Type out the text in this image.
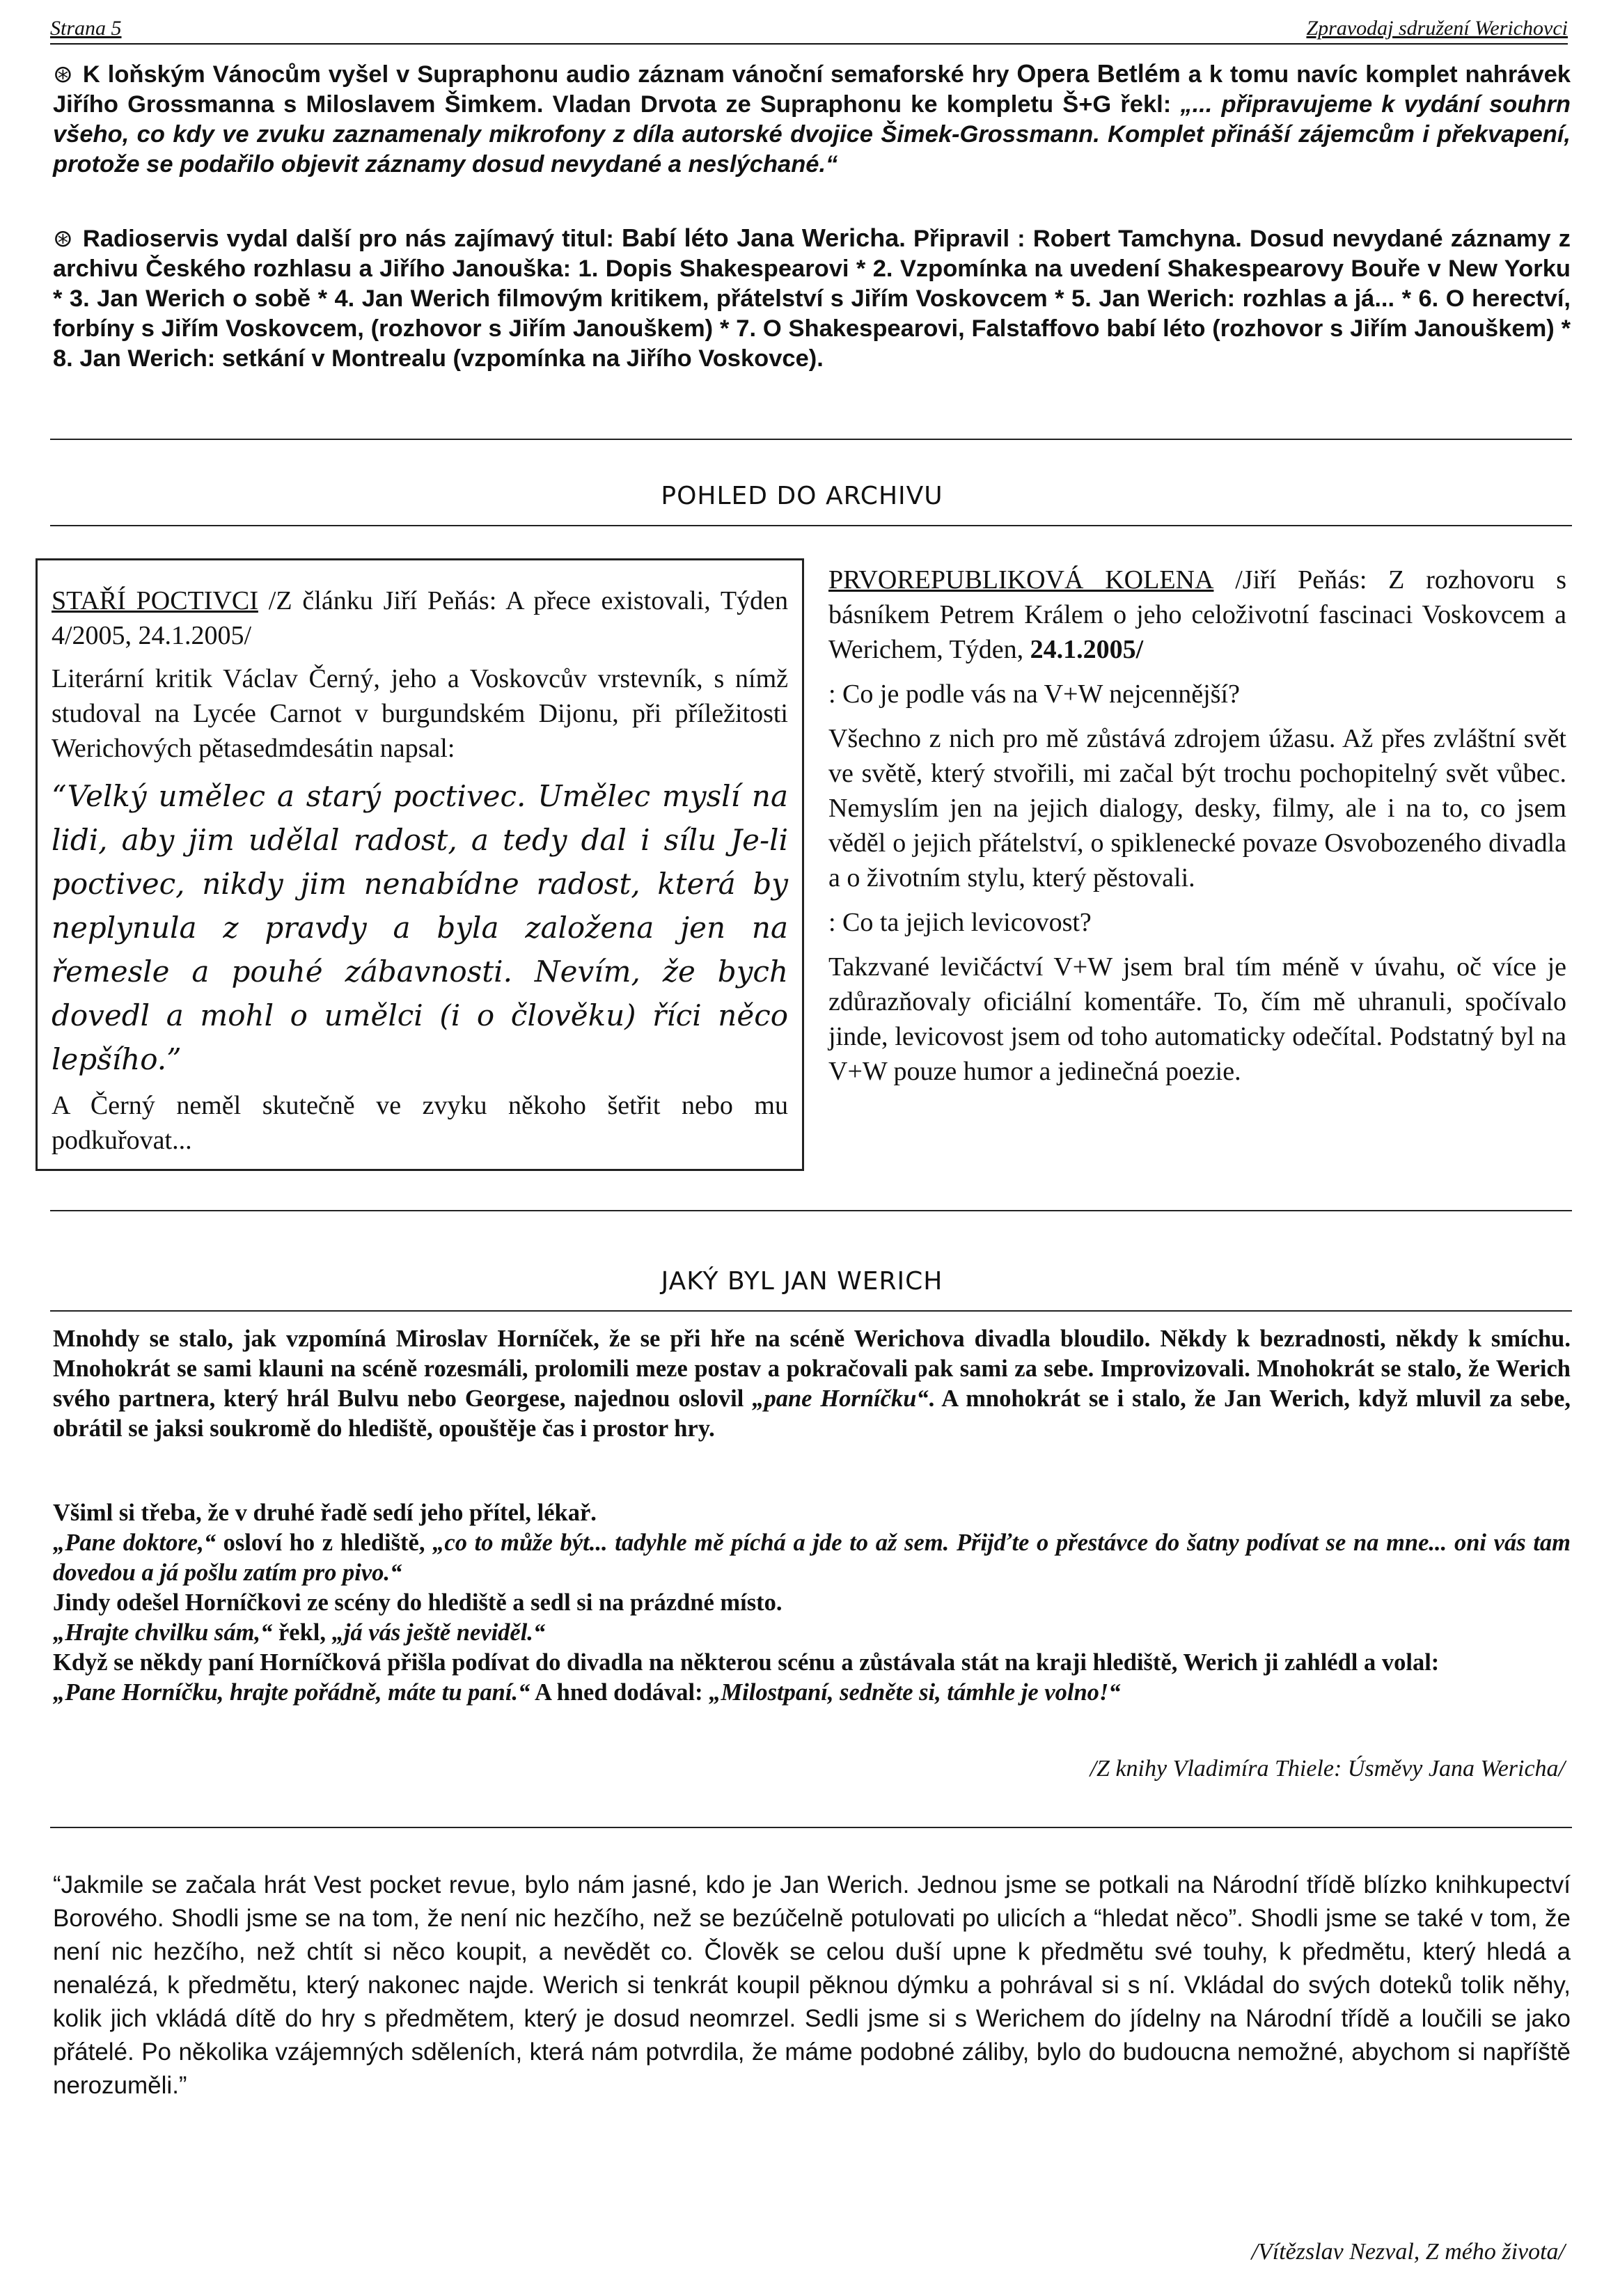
Strana 5	Zpravodaj sdružení Werichovci

⊛ K loňským Vánocům vyšel v Supraphonu audio záznam vánoční semaforské hry Opera Betlém a k tomu navíc komplet nahrávek Jiřího Grossmanna s Miloslavem Šimkem. Vladan Drvota ze Supraphonu ke kompletu Š+G řekl: „... připravujeme k vydání souhrn všeho, co kdy ve zvuku zaznamenaly mikrofony z díla autorské dvojice Šimek-Grossmann. Komplet přináší zájemcům i překvapení, protože se podařilo objevit záznamy dosud nevydané a neslýchané.“

⊛ Radioservis vydal další pro nás zajímavý titul: Babí léto Jana Wericha. Připravil : Robert Tamchyna. Dosud nevydané záznamy z archivu Českého rozhlasu a Jiřího Janouška: 1. Dopis Shakespearovi * 2. Vzpomínka na uvedení Shakespearovy Bouře v New Yorku * 3. Jan Werich o sobě * 4. Jan Werich filmovým kritikem, přátelství s Jiřím Voskovcem * 5. Jan Werich: rozhlas a já... * 6. O herectví, forbíny s Jiřím Voskovcem, (rozhovor s Jiřím Janouškem) * 7. O Shakespearovi, Falstaffovo babí léto (rozhovor s Jiřím Janouškem) * 8. Jan Werich: setkání v Montrealu (vzpomínka na Jiřího Voskovce).

POHLED DO ARCHIVU

STAŘÍ POCTIVCI /Z článku Jiří Peňás: A přece existovali, Týden 4/2005, 24.1.2005/

Literární kritik Václav Černý, jeho a Voskovcův vrstevník, s nímž studoval na Lycée Carnot v burgundském Dijonu, při příležitosti Werichových pětasedmdesátin napsal:

“Velký umělec a starý poctivec. Umělec myslí na lidi, aby jim udělal radost, a tedy dal i sílu Je-li poctivec, nikdy jim nenabídne radost, která by neplynula z pravdy a byla založena jen na řemesle a pouhé zábavnosti. Nevím, že bych dovedl a mohl o umělci (i o člověku) říci něco lepšího.”

A Černý neměl skutečně ve zvyku někoho šetřit nebo mu podkuřovat...

PRVOREPUBLIKOVÁ KOLENA /Jiří Peňás: Z rozhovoru s básníkem Petrem Králem o jeho celoživotní fascinaci Voskovcem a Werichem, Týden, 24.1.2005/

: Co je podle vás na V+W nejcennější?

Všechno z nich pro mě zůstává zdrojem úžasu. Až přes zvláštní svět ve světě, který stvořili, mi začal být trochu pochopitelný svět vůbec. Nemyslím jen na jejich dialogy, desky, filmy, ale i na to, co jsem věděl o jejich přátelství, o spiklenecké povaze Osvobozeného divadla a o životním stylu, který pěstovali.

: Co ta jejich levicovost?

Takzvané levičáctví V+W jsem bral tím méně v úvahu, oč více je zdůrazňovaly oficiální komentáře. To, čím mě uhranuli, spočívalo jinde, levicovost jsem od toho automaticky odečítal. Podstatný byl na V+W pouze humor a jedinečná poezie.

JAKÝ BYL JAN WERICH

Mnohdy se stalo, jak vzpomíná Miroslav Horníček, že se při hře na scéně Werichova divadla bloudilo. Někdy k bezradnosti, někdy k smíchu. Mnohokrát se sami klauni na scéně rozesmáli, prolomili meze postav a pokračovali pak sami za sebe. Improvizovali. Mnohokrát se stalo, že Werich svého partnera, který hrál Bulvu nebo Georgese, najednou oslovil „pane Horníčku“. A mnohokrát se i stalo, že Jan Werich, když mluvil za sebe, obrátil se jaksi soukromě do hlediště, opouštěje čas i prostor hry.

Všiml si třeba, že v druhé řadě sedí jeho přítel, lékař.

„Pane doktore,“ osloví ho z hlediště, „co to může být... tadyhle mě píchá a jde to až sem. Přijďte o přestávce do šatny podívat se na mne... oni vás tam dovedou a já pošlu zatím pro pivo.“

Jindy odešel Horníčkovi ze scény do hlediště a sedl si na prázdné místo.

„Hrajte chvilku sám,“ řekl, „já vás ještě neviděl.“

Když se někdy paní Horníčková přišla podívat do divadla na některou scénu a zůstávala stát na kraji hlediště, Werich ji zahlédl a volal:

„Pane Horníčku, hrajte pořádně, máte tu paní.“ A hned dodával: „Milostpaní, sedněte si, támhle je volno!“

/Z knihy Vladimíra Thiele: Úsměvy Jana Wericha/

“Jakmile se začala hrát Vest pocket revue, bylo nám jasné, kdo je Jan Werich. Jednou jsme se potkali na Národní třídě blízko knihkupectví Borového. Shodli jsme se na tom, že není nic hezčího, než se bezúčelně potulovati po ulicích a “hledat něco”. Shodli jsme se také v tom, že není nic hezčího, než chtít si něco koupit, a nevědět co. Člověk se celou duší upne k předmětu své touhy, k předmětu, který hledá a nenalézá, k předmětu, který nakonec najde. Werich si tenkrát koupil pěknou dýmku a pohrával si s ní. Vkládal do svých doteků tolik něhy, kolik jich vkládá dítě do hry s předmětem, který je dosud neomrzel. Sedli jsme si s Werichem do jídelny na Národní třídě a loučili se jako přátelé. Po několika vzájemných sděleních, která nám potvrdila, že máme podobné záliby, bylo do budoucna nemožné, abychom si napříště nerozuměli.”

/Vítězslav Nezval, Z mého života/
